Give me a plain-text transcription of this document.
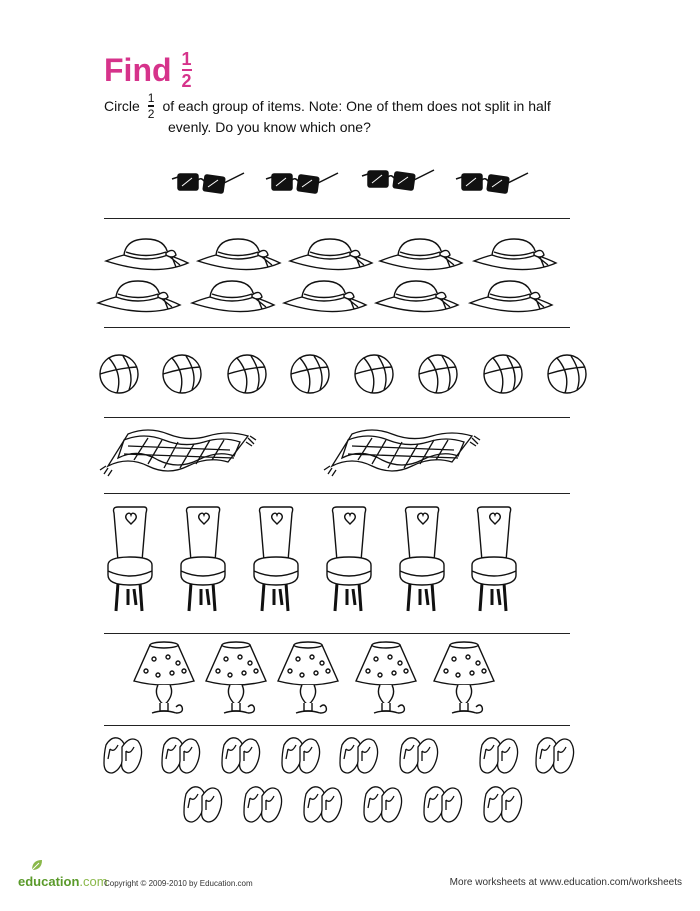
Find $\frac{1}{2}$
Circle $\frac{1}{2}$ of each group of items. Note: One of them does not split in half
evenly. Do you know which one?
education.com
Copyright © 2009-2010 by Education.com	More worksheets at www.education.com/worksheets
